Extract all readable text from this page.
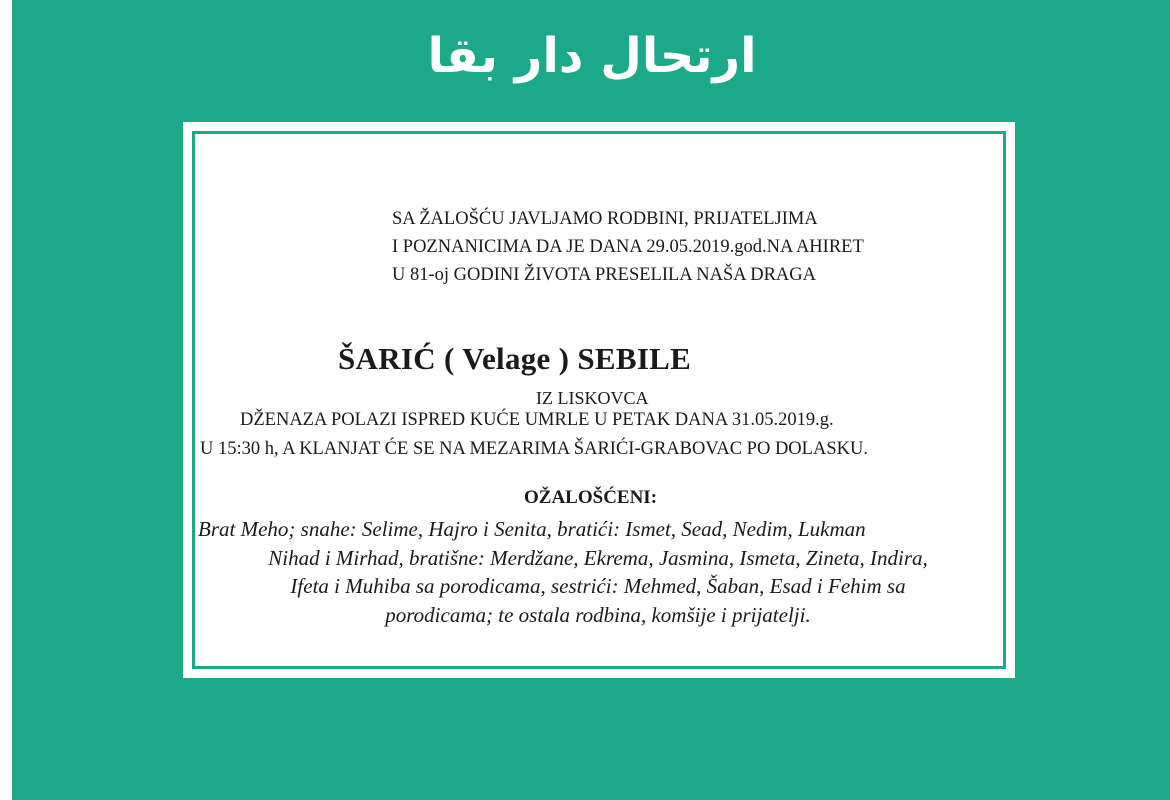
ارتحال دار بقا
SA ŽALOŠĆU JAVLJAMO RODBINI, PRIJATELJIMA
I POZNANICIMA DA JE DANA 29.05.2019.god.NA AHIRET
U 81-oj GODINI ŽIVOTA PRESELILA NAŠA DRAGA
ŠARIĆ ( Velage ) SEBILE
IZ LISKOVCA
DŽENAZA POLAZI ISPRED KUĆE UMRLE U PETAK DANA 31.05.2019.g.
U 15:30 h, A KLANJAT ĆE SE NA MEZARIMA ŠARIĆI-GRABOVAC PO DOLASKU.
OŽALOŠĆENI:
Brat Meho; snahe: Selime, Hajro i Senita, bratići: Ismet, Sead, Nedim, Lukman
Nihad i Mirhad, bratišne: Merdžane, Ekrema, Jasmina, Ismeta, Zineta, Indira,
Ifeta i Muhiba sa porodicama, sestrići: Mehmed, Šaban, Esad i Fehim sa
porodicama; te ostala rodbina, komšije i prijatelji.
